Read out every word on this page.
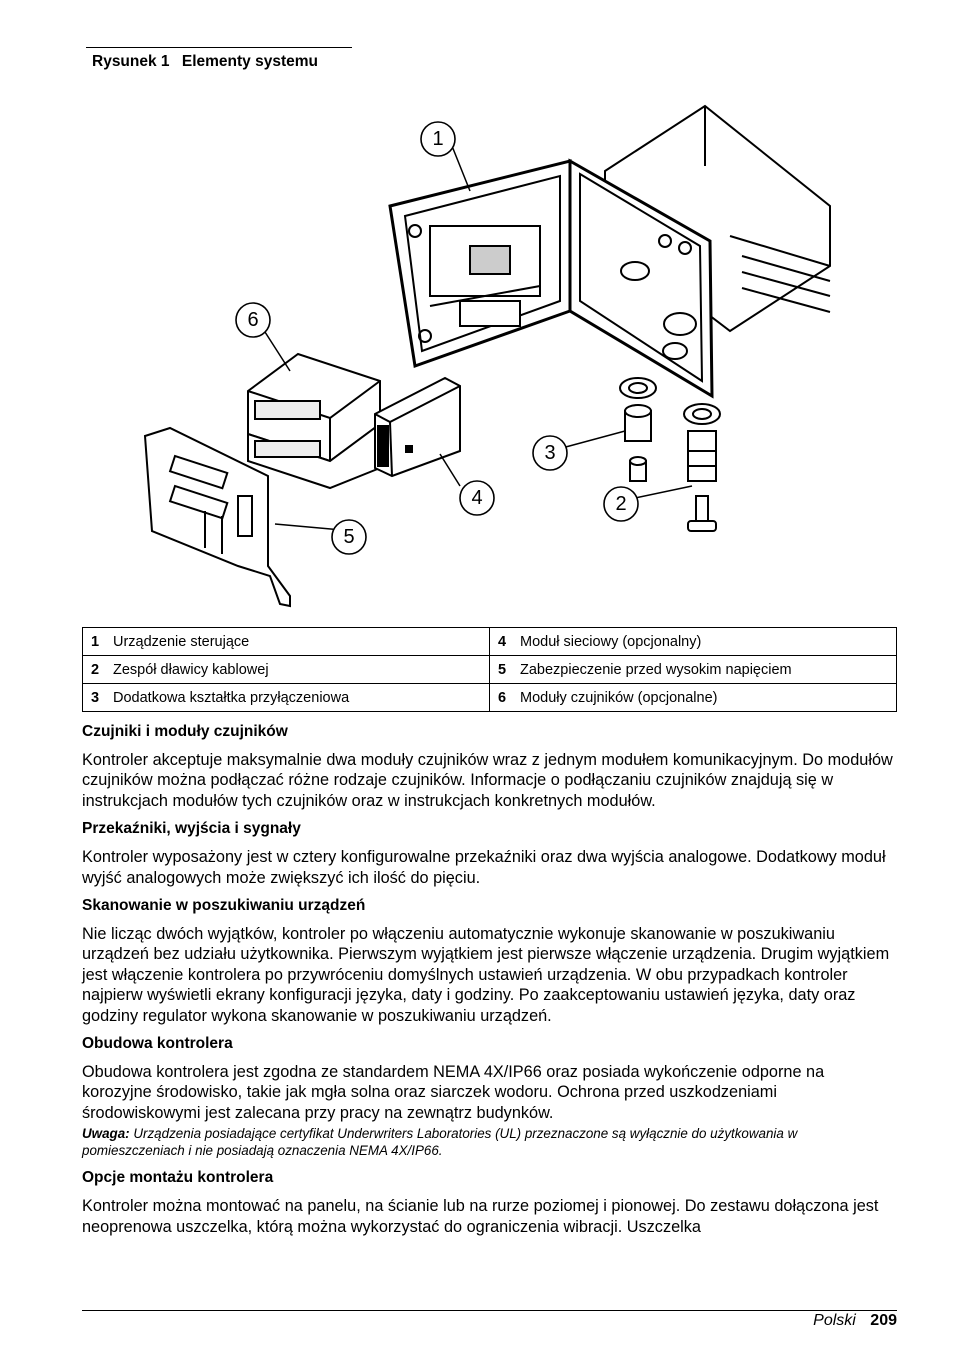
Rysunek 1 Elementy systemu
1
6
3
4	2
5
1 Urządzenie sterujące	4 Moduł sieciowy (opcjonalny)
2 Zespół dławicy kablowej	5 Zabezpieczenie przed wysokim napięciem
3 Dodatkowa kształtka przyłączeniowa	6 Moduły czujników (opcjonalne)
Czujniki i moduły czujników

Kontroler akceptuje maksymalnie dwa moduły czujników wraz z jednym modułem komunikacyjnym. Do modułów czujników można podłączać różne rodzaje czujników. Informacje o podłączaniu czujników znajdują się w instrukcjach modułów tych czujników oraz w instrukcjach konkretnych modułów.

Przekaźniki, wyjścia i sygnały

Kontroler wyposażony jest w cztery konfigurowalne przekaźniki oraz dwa wyjścia analogowe. Dodatkowy moduł wyjść analogowych może zwiększyć ich ilość do pięciu.

Skanowanie w poszukiwaniu urządzeń

Nie licząc dwóch wyjątków, kontroler po włączeniu automatycznie wykonuje skanowanie w poszukiwaniu urządzeń bez udziału użytkownika. Pierwszym wyjątkiem jest pierwsze włączenie urządzenia. Drugim wyjątkiem jest włączenie kontrolera po przywróceniu domyślnych ustawień urządzenia. W obu przypadkach kontroler najpierw wyświetli ekrany konfiguracji języka, daty i godziny. Po zaakceptowaniu ustawień języka, daty oraz godziny regulator wykona skanowanie w poszukiwaniu urządzeń.

Obudowa kontrolera

Obudowa kontrolera jest zgodna ze standardem NEMA 4X/IP66 oraz posiada wykończenie odporne na korozyjne środowisko, takie jak mgła solna oraz siarczek wodoru. Ochrona przed uszkodzeniami środowiskowymi jest zalecana przy pracy na zewnątrz budynków.

Uwaga: Urządzenia posiadające certyfikat Underwriters Laboratories (UL) przeznaczone są wyłącznie do użytkowania w pomieszczeniach i nie posiadają oznaczenia NEMA 4X/IP66.
Opcje montażu kontrolera

Kontroler można montować na panelu, na ścianie lub na rurze poziomej i pionowej. Do zestawu dołączona jest neoprenowa uszczelka, którą można wykorzystać do ograniczenia wibracji. Uszczelka

Polski 209
